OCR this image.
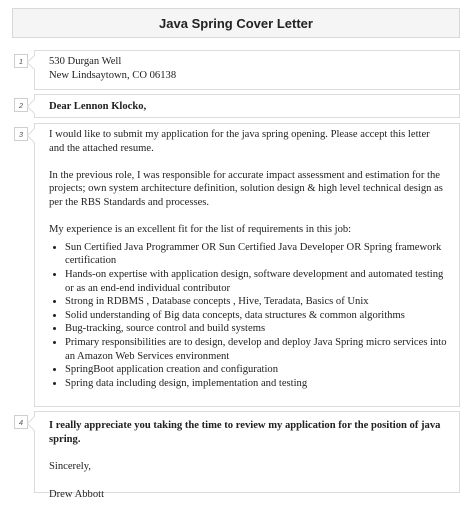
Java Spring Cover Letter
1	530 Durgan Well

New Lindsaytown, CO 06138

2	Dear Lennon Klocko,

3	I would like to submit my application for the java spring opening. Please accept this letter and the attached resume.

In the previous role, I was responsible for accurate impact assessment and estimation for the projects; own system architecture definition, solution design & high level technical design as per the RBS Standards and processes.

My experience is an excellent fit for the list of requirements in this job:

• Sun Certified Java Programmer OR Sun Certified Java Developer OR Spring framework certification
• Hands-on expertise with application design, software development and automated testing or as an end-end individual contributor
• Strong in RDBMS , Database concepts , Hive, Teradata, Basics of Unix
• Solid understanding of Big data concepts, data structures & common algorithms
• Bug-tracking, source control and build systems
• Primary responsibilities are to design, develop and deploy Java Spring micro services into an Amazon Web Services environment
• SpringBoot application creation and configuration
• Spring data including design, implementation and testing
4	I really appreciate you taking the time to review my application for the position of java spring.

Sincerely,

Drew Abbott
